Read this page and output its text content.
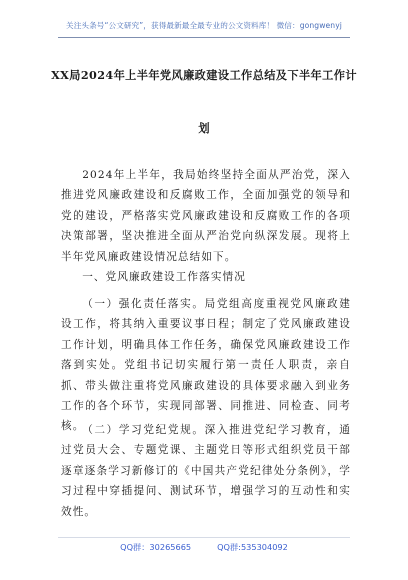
关注头条号“公文研究”，获得最新最全最专业的公文资料库！ 微信：gongwenyj
XX局2024年上半年党风廉政建设工作总结及下半年工作计
划

2024年上半年，我局始终坚持全面从严治党，深入推进党风廉政建设和反腐败工作，全面加强党的领导和党的建设，严格落实党风廉政建设和反腐败工作的各项决策部署，坚决推进全面从严治党向纵深发展。现将上半年党风廉政建设情况总结如下。

一、党风廉政建设工作落实情况

（一）强化责任落实。局党组高度重视党风廉政建设工作，将其纳入重要议事日程；制定了党风廉政建设工作计划，明确具体工作任务，确保党风廉政建设工作落到实处。党组书记切实履行第一责任人职责，亲自抓、带头做注重将党风廉政建设的具体要求融入到业务工作的各个环节，实现同部署、同推进、同检查、同考核。

（二）学习党纪党规。深入推进党纪学习教育，通过党员大会、专题党课、主题党日等形式组织党员干部逐章逐条学习新修订的《中国共产党纪律处分条例》，学习过程中穿插提问、测试环节，增强学习的互动性和实效性。

QQ群：30265665	QQ群:535304092
